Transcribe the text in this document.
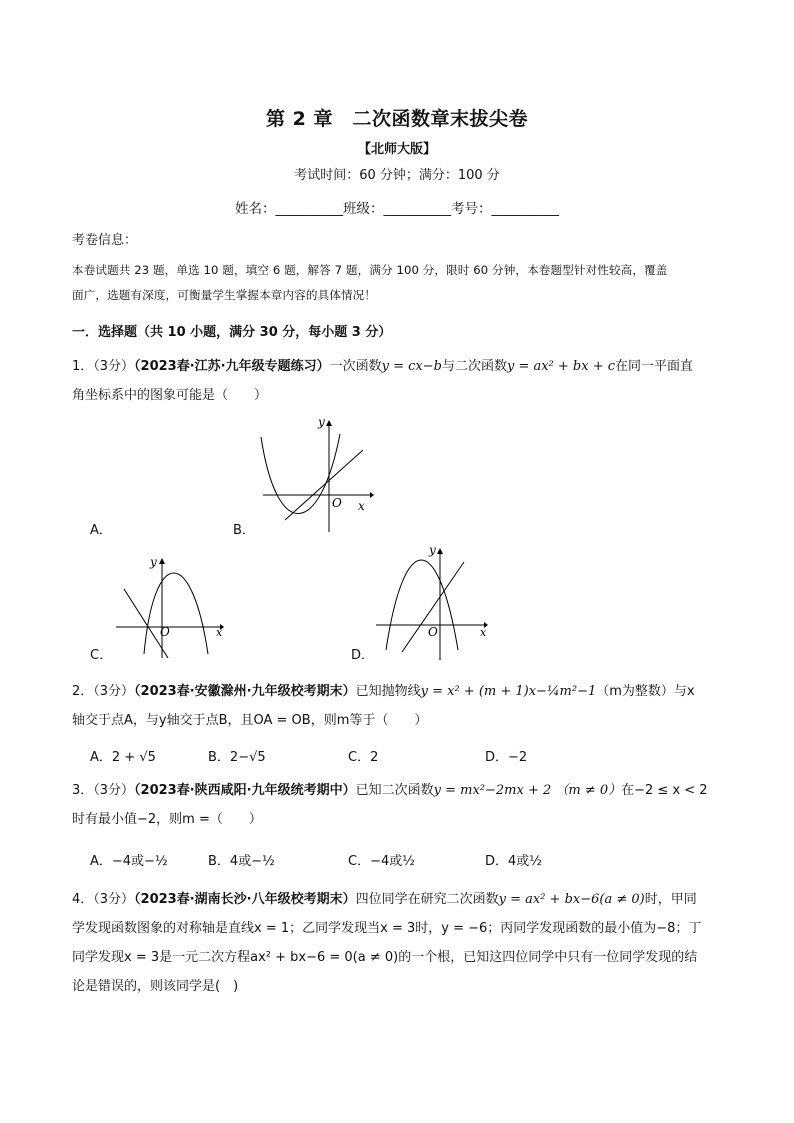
第 2 章　二次函数章末拔尖卷
【北师大版】
考试时间：60 分钟；满分：100 分
姓名：__________班级：__________考号：__________
考卷信息：
本卷试题共 23 题，单选 10 题，填空 6 题，解答 7 题，满分 100 分，限时 60 分钟，本卷题型针对性较高，覆盖
面广，选题有深度，可衡量学生掌握本章内容的具体情况！
一．选择题（共 10 小题，满分 30 分，每小题 3 分）
1．（3分）（2023春·江苏·九年级专题练习）一次函数y = cx−b与二次函数y = ax² + bx + c在同一平面直
角坐标系中的图象可能是（　　）
A．	B．
C．	D．
y
x
O
y
x
O
y
x
O
2．（3分）（2023春·安徽滁州·九年级校考期末）已知抛物线y = x² + (m + 1)x−¼m²−1（m为整数）与x
轴交于点A，与y轴交于点B，且OA = OB，则m等于（　　）
A．2 + √5	B．2−√5	C．2	D．−2
3．（3分）（2023春·陕西咸阳·九年级统考期中）已知二次函数y = mx²−2mx + 2 （m ≠ 0）在−2 ≤ x < 2
时有最小值−2，则m =（　　）
A．−4或−½	B．4或−½	C．−4或½	D．4或½
4．（3分）（2023春·湖南长沙·八年级校考期末）四位同学在研究二次函数y = ax² + bx−6(a ≠ 0)时，甲同
学发现函数图象的对称轴是直线x = 1；乙同学发现当x = 3时，y = −6；丙同学发现函数的最小值为−8；丁
同学发现x = 3是一元二次方程ax² + bx−6 = 0(a ≠ 0)的一个根，已知这四位同学中只有一位同学发现的结
论是错误的，则该同学是(　)
